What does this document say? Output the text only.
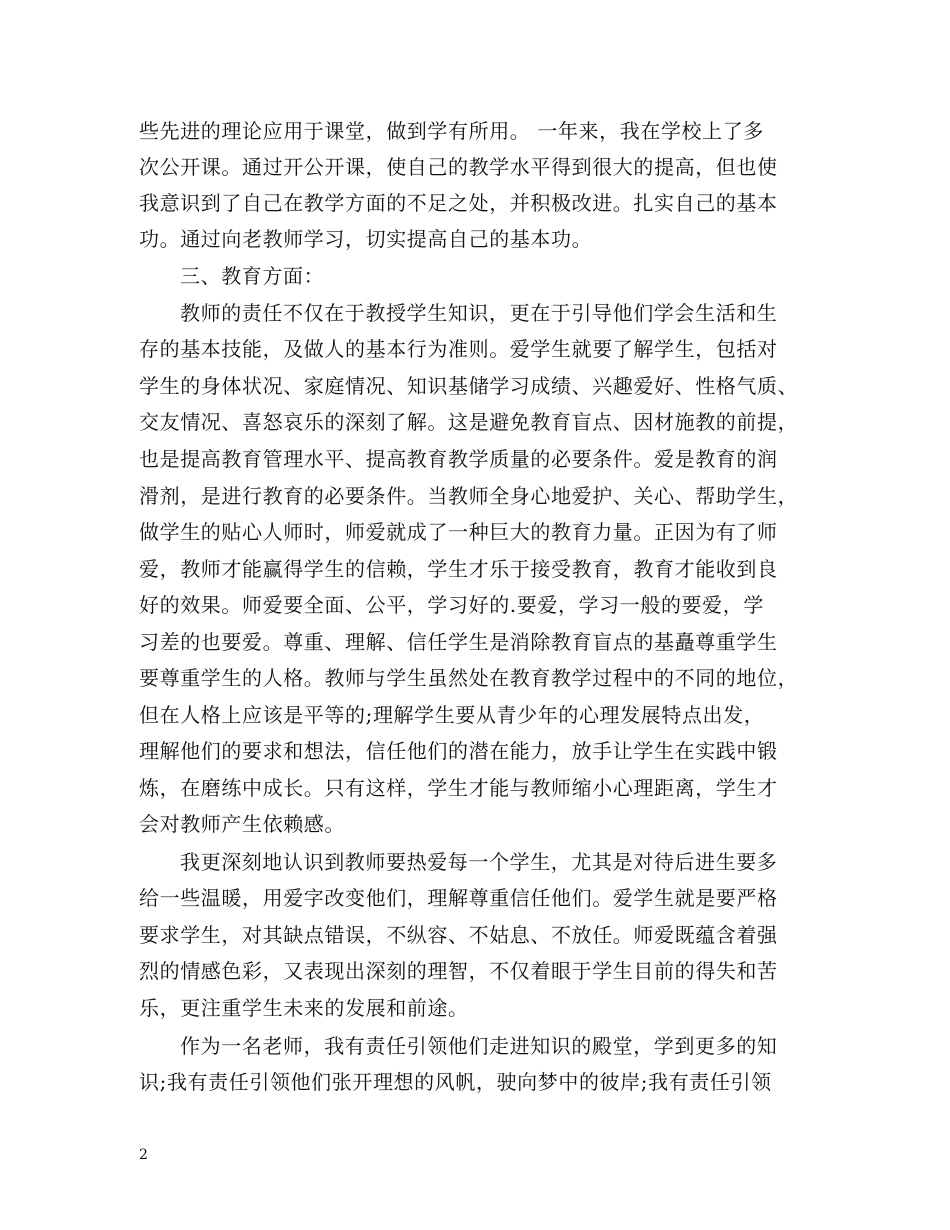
些先进的理论应用于课堂，做到学有所用。 一年来，我在学校上了多
次公开课。通过开公开课，使自己的教学水平得到很大的提高，但也使
我意识到了自己在教学方面的不足之处，并积极改进。扎实自己的基本
功。通过向老教师学习，切实提高自己的基本功。
三、教育方面：
教师的责任不仅在于教授学生知识，更在于引导他们学会生活和生
存的基本技能，及做人的基本行为准则。爱学生就要了解学生，包括对
学生的身体状况、家庭情况、知识基储学习成绩、兴趣爱好、性格气质、
交友情况、喜怒哀乐的深刻了解。这是避免教育盲点、因材施教的前提，
也是提高教育管理水平、提高教育教学质量的必要条件。爱是教育的润
滑剂，是进行教育的必要条件。当教师全身心地爱护、关心、帮助学生，
做学生的贴心人师时，师爱就成了一种巨大的教育力量。正因为有了师
爱，教师才能赢得学生的信赖，学生才乐于接受教育，教育才能收到良
好的效果。师爱要全面、公平，学习好的.要爱，学习一般的要爱，学
习差的也要爱。尊重、理解、信任学生是消除教育盲点的基矗尊重学生
要尊重学生的人格。教师与学生虽然处在教育教学过程中的不同的地位，
但在人格上应该是平等的;理解学生要从青少年的心理发展特点出发，
理解他们的要求和想法，信任他们的潜在能力，放手让学生在实践中锻
炼，在磨练中成长。只有这样，学生才能与教师缩小心理距离，学生才
会对教师产生依赖感。
我更深刻地认识到教师要热爱每一个学生，尤其是对待后进生要多
给一些温暖，用爱字改变他们，理解尊重信任他们。爱学生就是要严格
要求学生，对其缺点错误，不纵容、不姑息、不放任。师爱既蕴含着强
烈的情感色彩，又表现出深刻的理智，不仅着眼于学生目前的得失和苦
乐，更注重学生未来的发展和前途。
作为一名老师，我有责任引领他们走进知识的殿堂，学到更多的知
识;我有责任引领他们张开理想的风帆，驶向梦中的彼岸;我有责任引领
2
